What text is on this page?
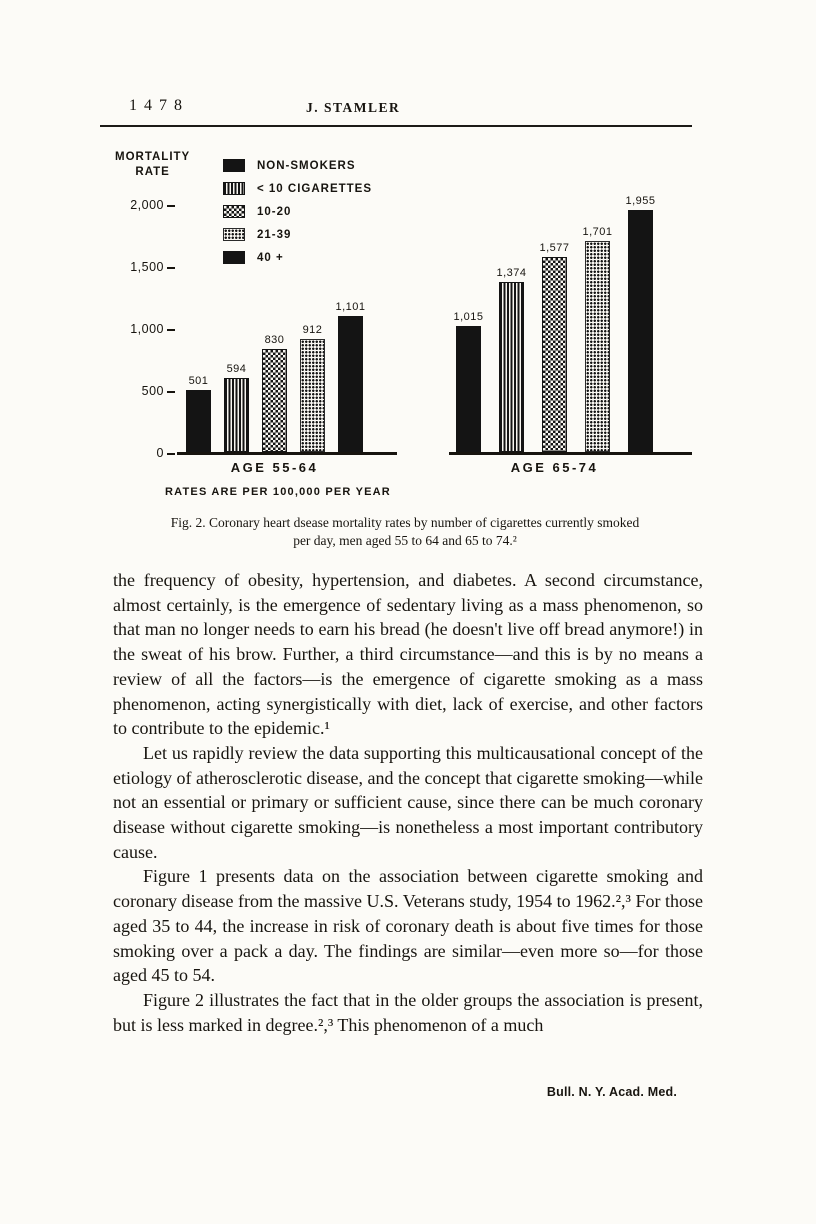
1478	J. STAMLER
MORTALITY
RATE
NON-SMOKERS
< 10 CIGARETTES
10-20
21-39
40 +
2,000
1,500
1,000
500
0
501
594
830
912
1,101
1,015
1,374
1,577
1,701
1,955
AGE 55-64	AGE 65-74
RATES ARE PER 100,000 PER YEAR
Fig. 2. Coronary heart dsease mortality rates by number of cigarettes currently smoked
per day, men aged 55 to 64 and 65 to 74.²

the frequency of obesity, hypertension, and diabetes. A second circumstance, almost certainly, is the emergence of sedentary living as a mass phenomenon, so that man no longer needs to earn his bread (he doesn't live off bread anymore!) in the sweat of his brow. Further, a third circumstance—and this is by no means a review of all the factors—is the emergence of cigarette smoking as a mass phenomenon, acting synergistically with diet, lack of exercise, and other factors to contribute to the epidemic.¹

Let us rapidly review the data supporting this multicausational concept of the etiology of atherosclerotic disease, and the concept that cigarette smoking—while not an essential or primary or sufficient cause, since there can be much coronary disease without cigarette smoking—is nonetheless a most important contributory cause.

Figure 1 presents data on the association between cigarette smoking and coronary disease from the massive U.S. Veterans study, 1954 to 1962.²,³ For those aged 35 to 44, the increase in risk of coronary death is about five times for those smoking over a pack a day. The findings are similar—even more so—for those aged 45 to 54.

Figure 2 illustrates the fact that in the older groups the association is present, but is less marked in degree.²,³ This phenomenon of a much

Bull. N. Y. Acad. Med.
